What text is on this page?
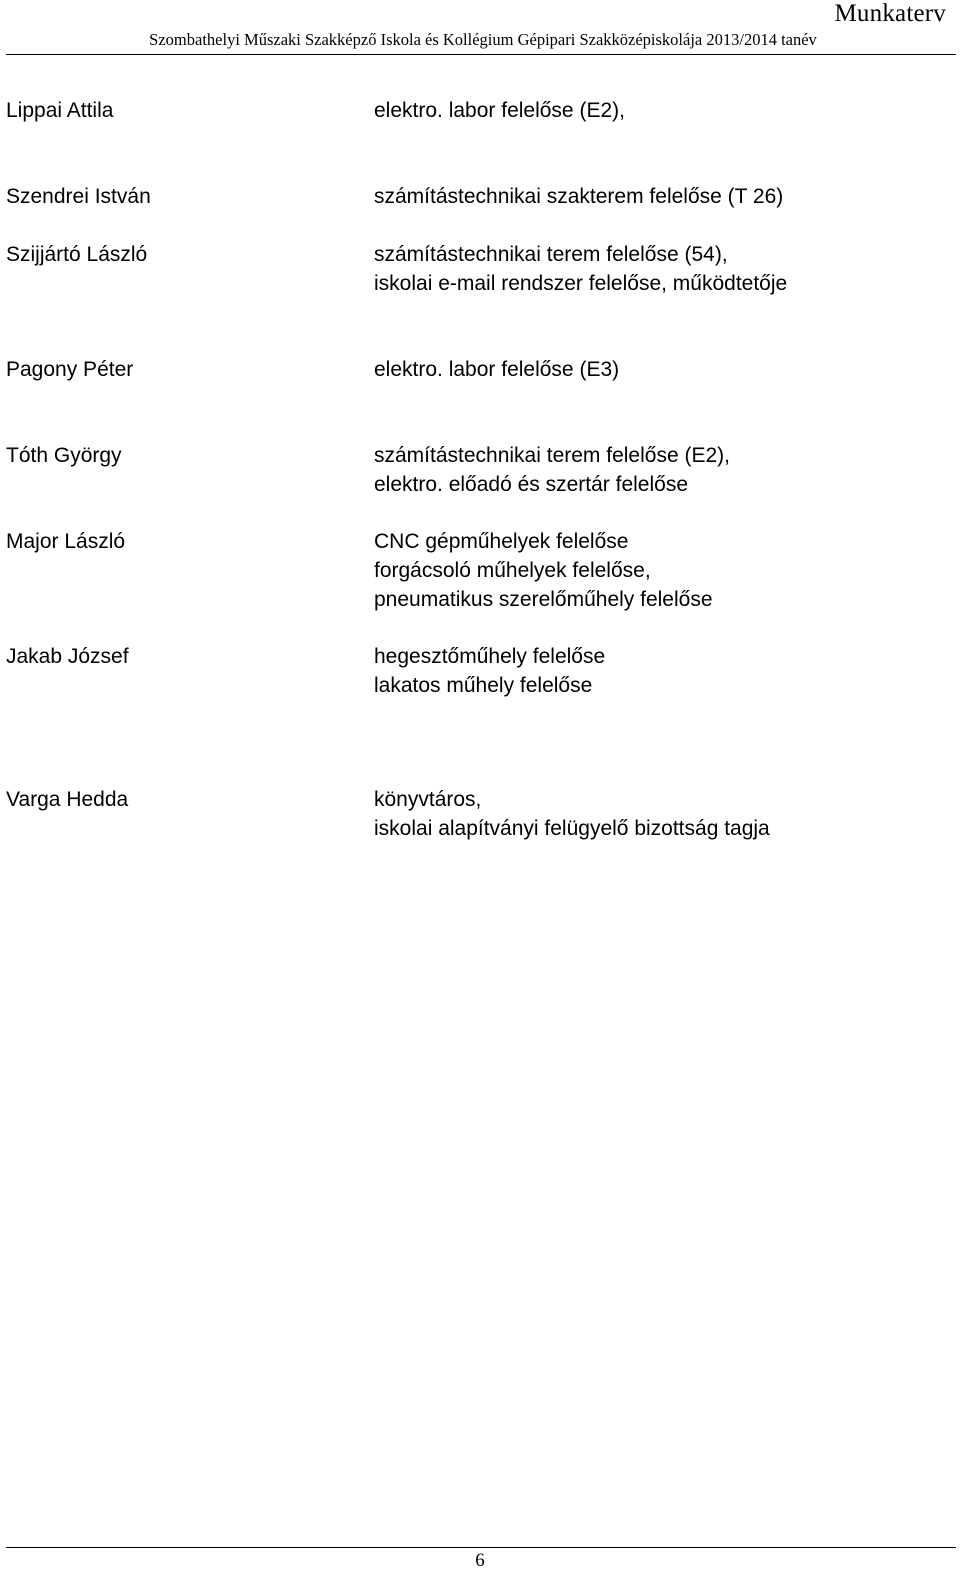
Munkaterv
Szombathelyi Műszaki Szakképző Iskola és Kollégium Gépipari Szakközépiskolája 2013/2014 tanév
Lippai Attila	elektro. labor felelőse (E2),
Szendrei István	számítástechnikai szakterem felelőse (T 26)
Szijjártó László	számítástechnikai terem felelőse (54),
iskolai e-mail rendszer felelőse, működtetője
Pagony Péter	elektro. labor felelőse (E3)
Tóth György	számítástechnikai terem felelőse (E2),
elektro. előadó és szertár felelőse
Major László	CNC gépműhelyek felelőse
forgácsoló műhelyek felelőse,
pneumatikus szerelőműhely felelőse
Jakab József	hegesztőműhely felelőse
lakatos műhely felelőse
Varga Hedda	könyvtáros,
iskolai alapítványi felügyelő bizottság tagja
6
